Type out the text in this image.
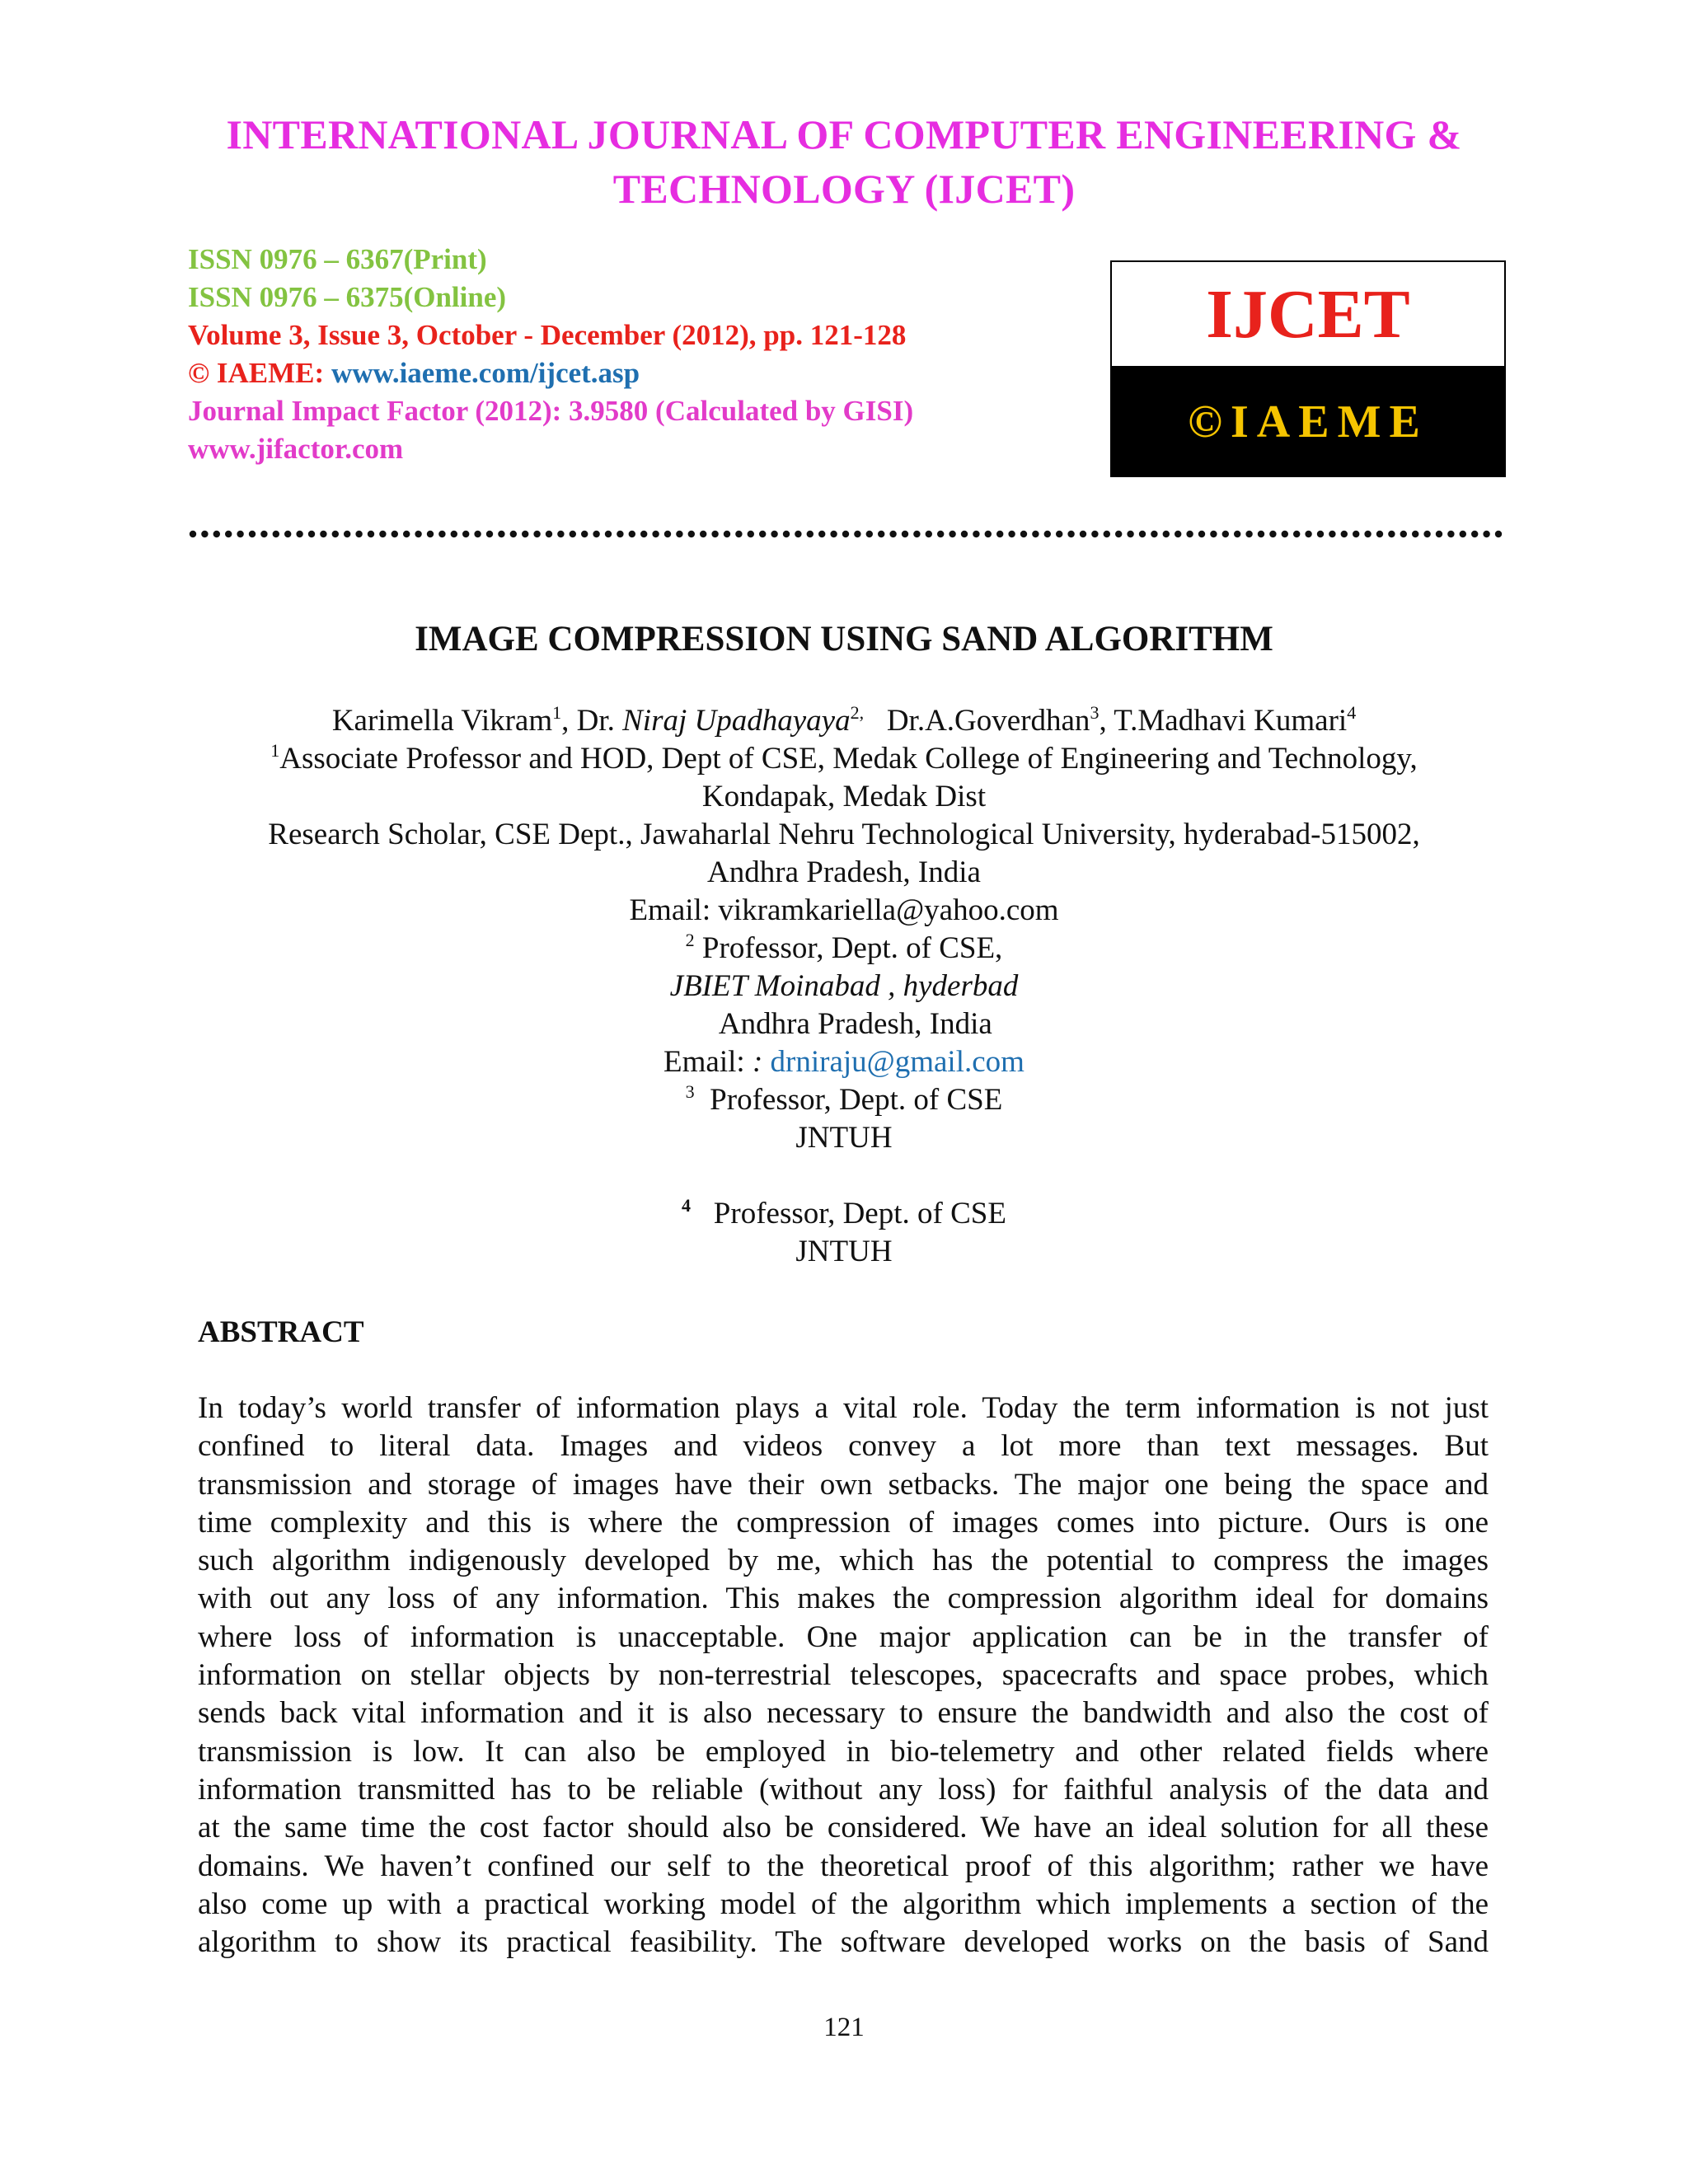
INTERNATIONAL JOURNAL OF COMPUTER ENGINEERING &
TECHNOLOGY (IJCET)
ISSN 0976 – 6367(Print)
ISSN 0976 – 6375(Online)
Volume 3, Issue 3, October - December (2012), pp. 121-128
© IAEME: www.iaeme.com/ijcet.asp
Journal Impact Factor (2012): 3.9580 (Calculated by GISI)
www.jifactor.com
IJCET
©IAEME
IMAGE COMPRESSION USING SAND ALGORITHM
Karimella Vikram$^1$, Dr. Niraj Upadhayaya$^{2,}$ Dr.A.Goverdhan$^3$, T.Madhavi Kumari$^4$
$^1$Associate Professor and HOD, Dept of CSE, Medak College of Engineering and Technology,
Kondapak, Medak Dist
Research Scholar, CSE Dept., Jawaharlal Nehru Technological University, hyderabad-515002,
Andhra Pradesh, India
Email: vikramkariella@yahoo.com
$^2$ Professor, Dept. of CSE,
JBIET Moinabad , hyderbad
Andhra Pradesh, India
Email: : drniraju@gmail.com
$^3$ Professor, Dept. of CSE
JNTUH
$^4$ Professor, Dept. of CSE
JNTUH
ABSTRACT
In today’s world transfer of information plays a vital role. Today the term information is not just
confined to literal data. Images and videos convey a lot more than text messages. But
transmission and storage of images have their own setbacks. The major one being the space and
time complexity and this is where the compression of images comes into picture. Ours is one
such algorithm indigenously developed by me, which has the potential to compress the images
with out any loss of any information. This makes the compression algorithm ideal for domains
where loss of information is unacceptable. One major application can be in the transfer of
information on stellar objects by non-terrestrial telescopes, spacecrafts and space probes, which
sends back vital information and it is also necessary to ensure the bandwidth and also the cost of
transmission is low. It can also be employed in bio-telemetry and other related fields where
information transmitted has to be reliable (without any loss) for faithful analysis of the data and
at the same time the cost factor should also be considered. We have an ideal solution for all these
domains. We haven’t confined our self to the theoretical proof of this algorithm; rather we have
also come up with a practical working model of the algorithm which implements a section of the
algorithm to show its practical feasibility. The software developed works on the basis of Sand
121
